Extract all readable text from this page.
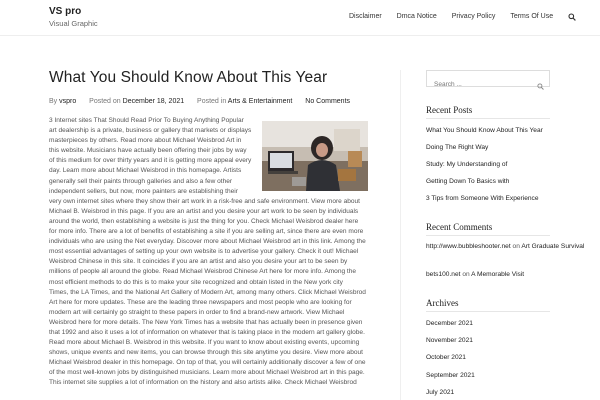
VS pro
Visual Graphic
Disclaimer Dmca Notice Privacy Policy Terms Of Use
What You Should Know About This Year
By vspro Posted on December 18, 2021 Posted in Arts & Entertainment No Comments
3 Internet sites That Should Read Prior To Buying Anything Popular
art dealership is a private, business or gallery that markets or displays
masterpieces by others. Read more about Michael Weisbrod Art in
this website. Musicians have actually been offering their jobs by way
of this medium for over thirty years and it is getting more appeal every
day. Learn more about Michael Weisbrod in this homepage. Artists
generally sell their paints through galleries and also a few other
independent sellers, but now, more painters are establishing their
very own internet sites where they show their art work in a risk-free and safe environment. View more about
Michael B. Weisbrod in this page. If you are an artist and you desire your art work to be seen by individuals
around the world, then establishing a website is just the thing for you. Check Michael Weisbrod dealer here
for more info. There are a lot of benefits of establishing a site if you are selling art, since there are even more
individuals who are using the Net everyday. Discover more about Michael Weisbrod art in this link. Among the
most essential advantages of setting up your own website is to advertise your gallery. Check it out! Michael
Weisbrod Chinese in this site. It coincides if you are an artist and also you desire your art to be seen by
millions of people all around the globe. Read Michael Weisbrod Chinese Art here for more info. Among the
most efficient methods to do this is to make your site recognized and obtain listed in the New york city
Times, the LA Times, and the National Art Gallery of Modern Art, among many others. Click Michael Weisbrod
Art here for more updates. These are the leading three newspapers and most people who are looking for
modern art will certainly go straight to these papers in order to find a brand-new artwork. View Michael
Weisbrod here for more details. The New York Times has a website that has actually been in presence given
that 1992 and also it uses a lot of information on whatever that is taking place in the modern art gallery globe.
Read more about Michael B. Weisbrod in this website. If you want to know about existing events, upcoming
shows, unique events and new items, you can browse through this site anytime you desire. View more about
Michael Weisbrod dealer in this homepage. On top of that, you will certainly additionally discover a few of one
of the most well-known jobs by distinguished musicians. Learn more about Michael Weisbrod art in this page.
This internet site supplies a lot of information on the history and also artists alike. Check Michael Weisbrod
Search ...
Recent Posts
What You Should Know About This Year
Doing The Right Way
Study: My Understanding of
Getting Down To Basics with
3 Tips from Someone With Experience
Recent Comments
http://www.bubbleshooter.net on Art Graduate Survival
bets100.net on A Memorable Visit
Archives
December 2021
November 2021
October 2021
September 2021
July 2021
